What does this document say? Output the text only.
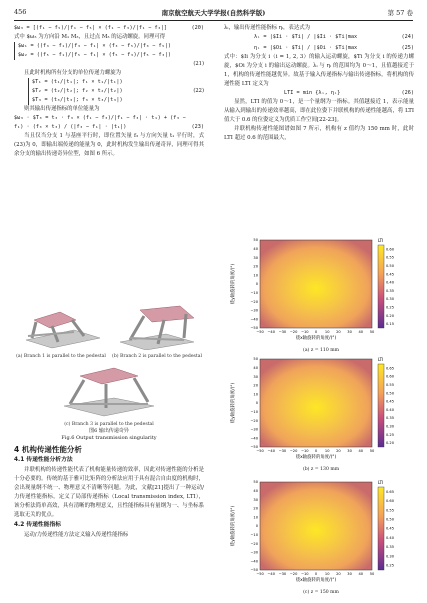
456	南京航空航天大学学报(自然科学版)	第 57 卷
$ω₃ = [(f₁ − f₅)/|f₁ − f₅| × (f₁ − f₃)/|f₁ − f₃|]	(20)

式中 $ω₃ 为方向沿 M₁ M₃，且过点 M₃ 的运动螺旋。同理可得

$ω₁ = ((f₃ − f₁)/|f₃ − f₁| × (f₃ − f₅)/|f₃ − f₅|)
$ω₂ = ((f₅ − f₁)/|f₅ − f₁| × (f₅ − f₃)/|f₅ − f₃|)
(21)

且此时机构所有分支的单位传递力螺旋为

$T₁ = (t₁/|t₁|; f₁ × t₁/|t₁|)
$T₂ = (t₂/|t₂|; f₂ × t₂/|t₂|)
$T₃ = (t₃/|t₃|; f₃ × t₃/|t₃|)
(22)

则其输出传递指标的单位能量为

$ω₃ · $T₃ = t₃ · f₃ × (f₁ − f₃)/|f₁ − f₃| · t₁) + (f₃ −
f₁) · (f₃ × t₃) / (|f₃ − f₁| · |t₁|)	(23)

当且仅当分支 1 与基座平行时，即位置矢量 f₃ 与方向矢量 t₁ 平行时，式(23)为 0，即输出端传递的能量为 0，此时机构发生输出传递奇异，同理可得其余分支的输出传递奇异位型，如图 6 所示。

(a) Branch 1 is parallel to the pedestal	(b) Branch 2 is parallel to the pedestal
(c) Branch 3 is parallel to the pedestal
图6 输出传递奇异
Fig.6 Output transmission singularity
4 机构传递性能分析
4.1 传递性能分析方法

并联机构的传递性能代表了机构能量传递的效率，因此对传递性能的分析是十分必要的。传统的基于雅可比矩阵的分析法应用于具有混合自由度的机构时，会出现量纲不统一、物理意义不清晰等问题。为此，文献[21]提出了一种运动/力传递性能指标，定义了局部传递指标（Local transmission index, LTI），该分析法简单高效，具有清晰的物理意义，且性能指标具有量纲为一、与坐标系选取无关的优点。

4.2 传递性能指标

运动/力传递性能方法定义输入传递性能指标

λᵢ，输出传递性能指标 ηᵢ，表达式为

λᵢ = |$Ii · $Ti| / |$Ii · $Ti|max	(24)
ηᵢ = |$Oi · $Ti| / |$Oi · $Ti|max	(25)

式中：$Ii 为分支 i（i = 1, 2, 3）的输入运动螺旋，$Ti 为分支 i 的传递力螺旋，$Oi 为分支 i 的输出运动螺旋。λᵢ 与 ηᵢ 的范围均为 0～1，且值越接近于 1，机构的传递性能越优异。故基于输入传递指标与输出传递指标，将机构的传递性能 LTI 定义为

LTI = min {λᵢ, ηᵢ}	(26)

显然，LTI 的值为 0～1，是一个量纲为一指标。其值越接近 1，表示能量从输入到输出的传递效率越高，即在此位姿下并联机构的传递性能越高，将 LTI 值大于 0.6 的位姿定义为优质工作空间[22-23]。

并联机构传递性能图谱如图 7 所示，机构有 z 值约为 150 mm 时，此时 LTI 超过 0.6 的范围最大，

绕y轴旋转的角度/(°)
−50
−50
−40
−40
−30
−30
−20
−20
−10
−10
0
0
10
10
20
20
30
30
40
40
50
50
绕x轴旋转的角度/(°)
LTI
0.60
0.55
0.50
0.45
0.40
0.35
0.30
0.25
0.20
0.15
(a) z = 110 mm
绕y轴旋转的角度/(°)
−50
−50
−40
−40
−30
−30
−20
−20
−10
−10
0
0
10
10
20
20
30
30
40
40
50
50
绕x轴旋转的角度/(°)
LTI
0.65
0.60
0.55
0.50
0.45
0.40
0.35
0.30
0.25
0.20
(b) z = 130 mm
绕y轴旋转的角度/(°)
−50
−50
−40
−40
−30
−30
−20
−20
−10
−10
0
0
10
10
20
20
30
30
40
40
50
50
绕x轴旋转的角度/(°)
LTI
0.65
0.60
0.55
0.50
0.45
0.40
0.35
0.30
0.25
(c) z = 150 mm
